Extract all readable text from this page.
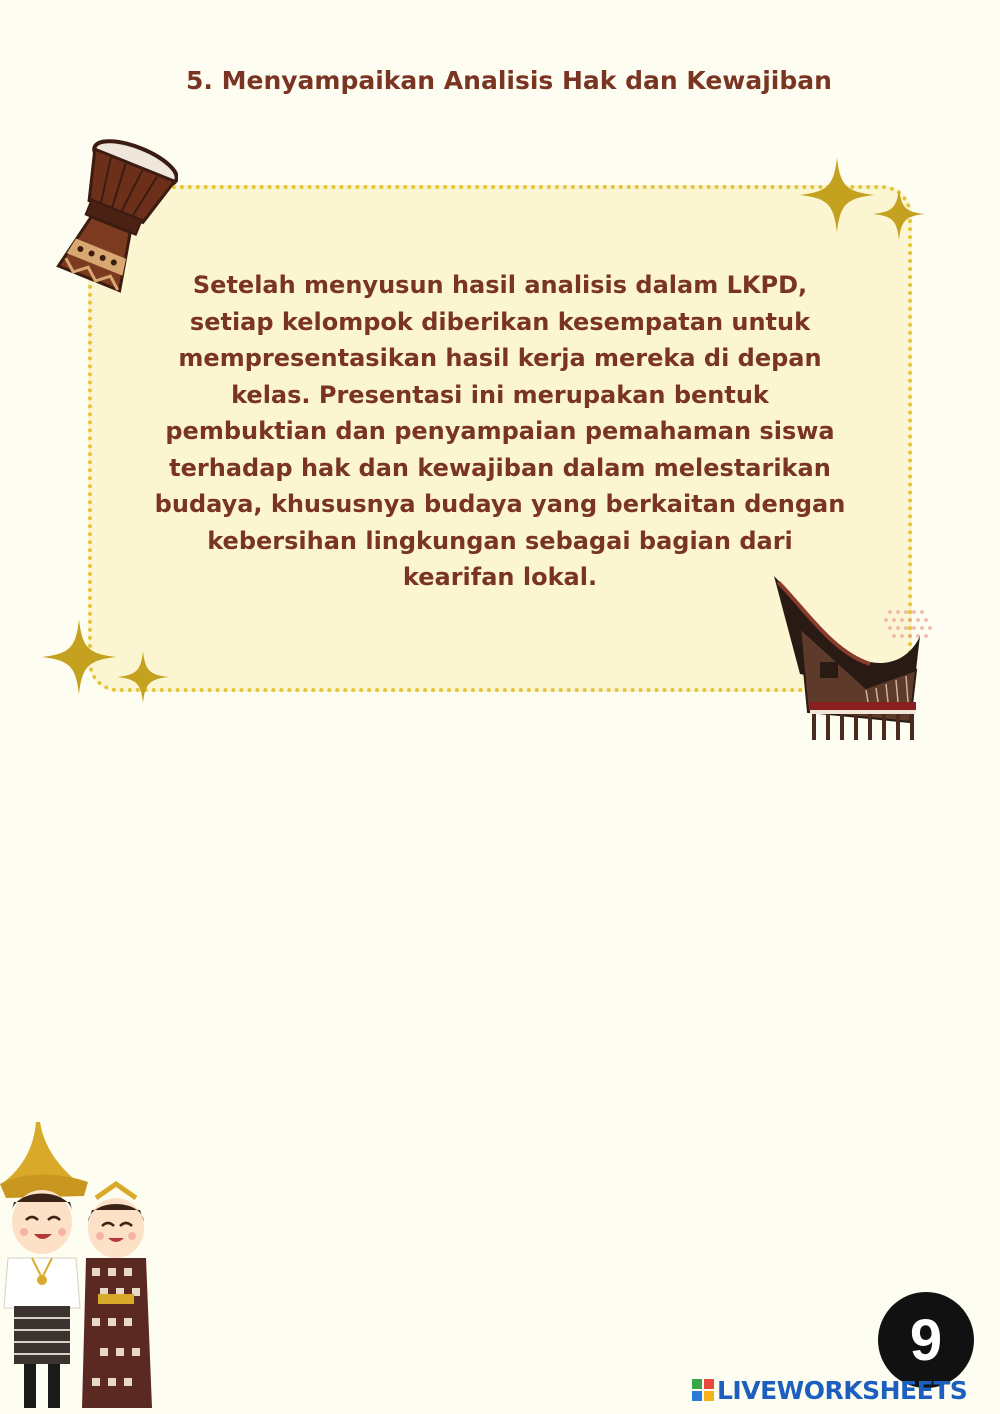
5. Menyampaikan Analisis Hak dan Kewajiban
Setelah menyusun hasil analisis dalam LKPD,
setiap kelompok diberikan kesempatan untuk
mempresentasikan hasil kerja mereka di depan
kelas. Presentasi ini merupakan bentuk
pembuktian dan penyampaian pemahaman siswa
terhadap hak dan kewajiban dalam melestarikan
budaya, khususnya budaya yang berkaitan dengan
kebersihan lingkungan sebagai bagian dari
kearifan lokal.
9
LIVEWORKSHEETS
